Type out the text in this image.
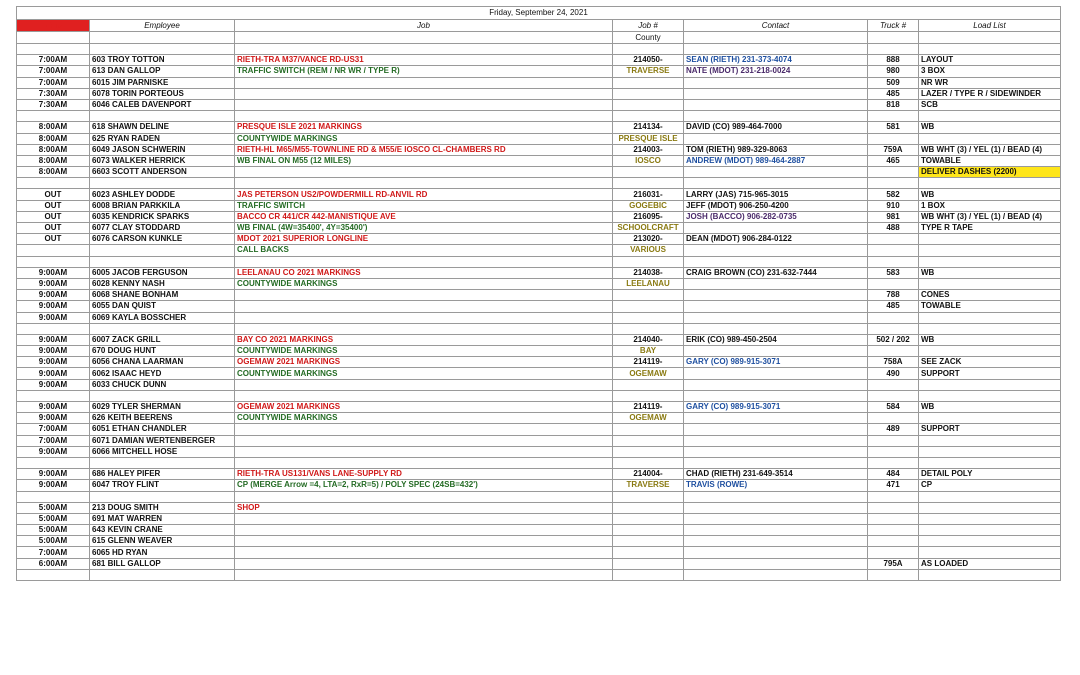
Friday, September 24, 2021						
Time	Employee	Job	Job #	Contact	Truck #	Load List
			County			

7:00AM	603 TROY TOTTON	RIETH-TRA M37/VANCE RD-US31	214050-	SEAN (RIETH) 231-373-4074	888	LAYOUT
7:00AM	613 DAN GALLOP	TRAFFIC SWITCH (REM / NR WR / TYPE R)	TRAVERSE	NATE (MDOT) 231-218-0024	980	3 BOX
7:00AM	6015 JIM PARNISKE				509	NR WR
7:30AM	6078 TORIN PORTEOUS				485	LAZER / TYPE R / SIDEWINDER
7:30AM	6046 CALEB DAVENPORT				818	SCB

8:00AM	618 SHAWN DELINE	PRESQUE ISLE 2021 MARKINGS	214134-	DAVID (CO) 989-464-7000	581	WB
8:00AM	625 RYAN RADEN	COUNTYWIDE MARKINGS	PRESQUE ISLE			
8:00AM	6049 JASON SCHWERIN	RIETH-HL M65/M55-TOWNLINE RD & M55/E IOSCO CL-CHAMBERS RD	214003-	TOM (RIETH) 989-329-8063	759A	WB WHT (3) / YEL (1) / BEAD (4)
8:00AM	6073 WALKER HERRICK	WB FINAL ON M55 (12 MILES)	IOSCO	ANDREW (MDOT) 989-464-2887	465	TOWABLE
8:00AM	6603 SCOTT ANDERSON					DELIVER DASHES (2200)

OUT	6023 ASHLEY DODDE	JAS PETERSON US2/POWDERMILL RD-ANVIL RD	216031-	LARRY (JAS) 715-965-3015	582	WB
OUT	6008 BRIAN PARKKILA	TRAFFIC SWITCH	GOGEBIC	JEFF (MDOT) 906-250-4200	910	1 BOX
OUT	6035 KENDRICK SPARKS	BACCO CR 441/CR 442-MANISTIQUE AVE	216095-	JOSH (BACCO) 906-282-0735	981	WB WHT (3) / YEL (1) / BEAD (4)
OUT	6077 CLAY STODDARD	WB FINAL (4W=35400', 4Y=35400')	SCHOOLCRAFT		488	TYPE R TAPE
OUT	6076 CARSON KUNKLE	MDOT 2021 SUPERIOR LONGLINE	213020-	DEAN (MDOT) 906-284-0122		
		CALL BACKS	VARIOUS			

9:00AM	6005 JACOB FERGUSON	LEELANAU CO 2021 MARKINGS	214038-	CRAIG BROWN (CO) 231-632-7444	583	WB
9:00AM	6028 KENNY NASH	COUNTYWIDE MARKINGS	LEELANAU			
9:00AM	6068 SHANE BONHAM				788	CONES
9:00AM	6055 DAN QUIST				485	TOWABLE
9:00AM	6069 KAYLA BOSSCHER					

9:00AM	6007 ZACK GRILL	BAY CO 2021 MARKINGS	214040-	ERIK (CO) 989-450-2504	502 / 202	WB
9:00AM	670 DOUG HUNT	COUNTYWIDE MARKINGS	BAY			
9:00AM	6056 CHANA LAARMAN	OGEMAW 2021 MARKINGS	214119-	GARY (CO) 989-915-3071	758A	SEE ZACK
9:00AM	6062 ISAAC HEYD	COUNTYWIDE MARKINGS	OGEMAW		490	SUPPORT
9:00AM	6033 CHUCK DUNN					

9:00AM	6029 TYLER SHERMAN	OGEMAW 2021 MARKINGS	214119-	GARY (CO) 989-915-3071	584	WB
9:00AM	626 KEITH BEERENS	COUNTYWIDE MARKINGS	OGEMAW			
7:00AM	6051 ETHAN CHANDLER				489	SUPPORT
7:00AM	6071 DAMIAN WERTENBERGER					
9:00AM	6066 MITCHELL HOSE					

9:00AM	686 HALEY PIFER	RIETH-TRA US131/VANS LANE-SUPPLY RD	214004-	CHAD (RIETH) 231-649-3514	484	DETAIL POLY
9:00AM	6047 TROY FLINT	CP (MERGE Arrow =4, LTA=2, RxR=5) / POLY SPEC (24SB=432')	TRAVERSE	TRAVIS (ROWE)	471	CP

5:00AM	213 DOUG SMITH	SHOP				
5:00AM	691 MAT WARREN					
5:00AM	643 KEVIN CRANE					
5:00AM	615 GLENN WEAVER					
7:00AM	6065 HD RYAN					
6:00AM	681 BILL GALLOP				795A	AS LOADED
